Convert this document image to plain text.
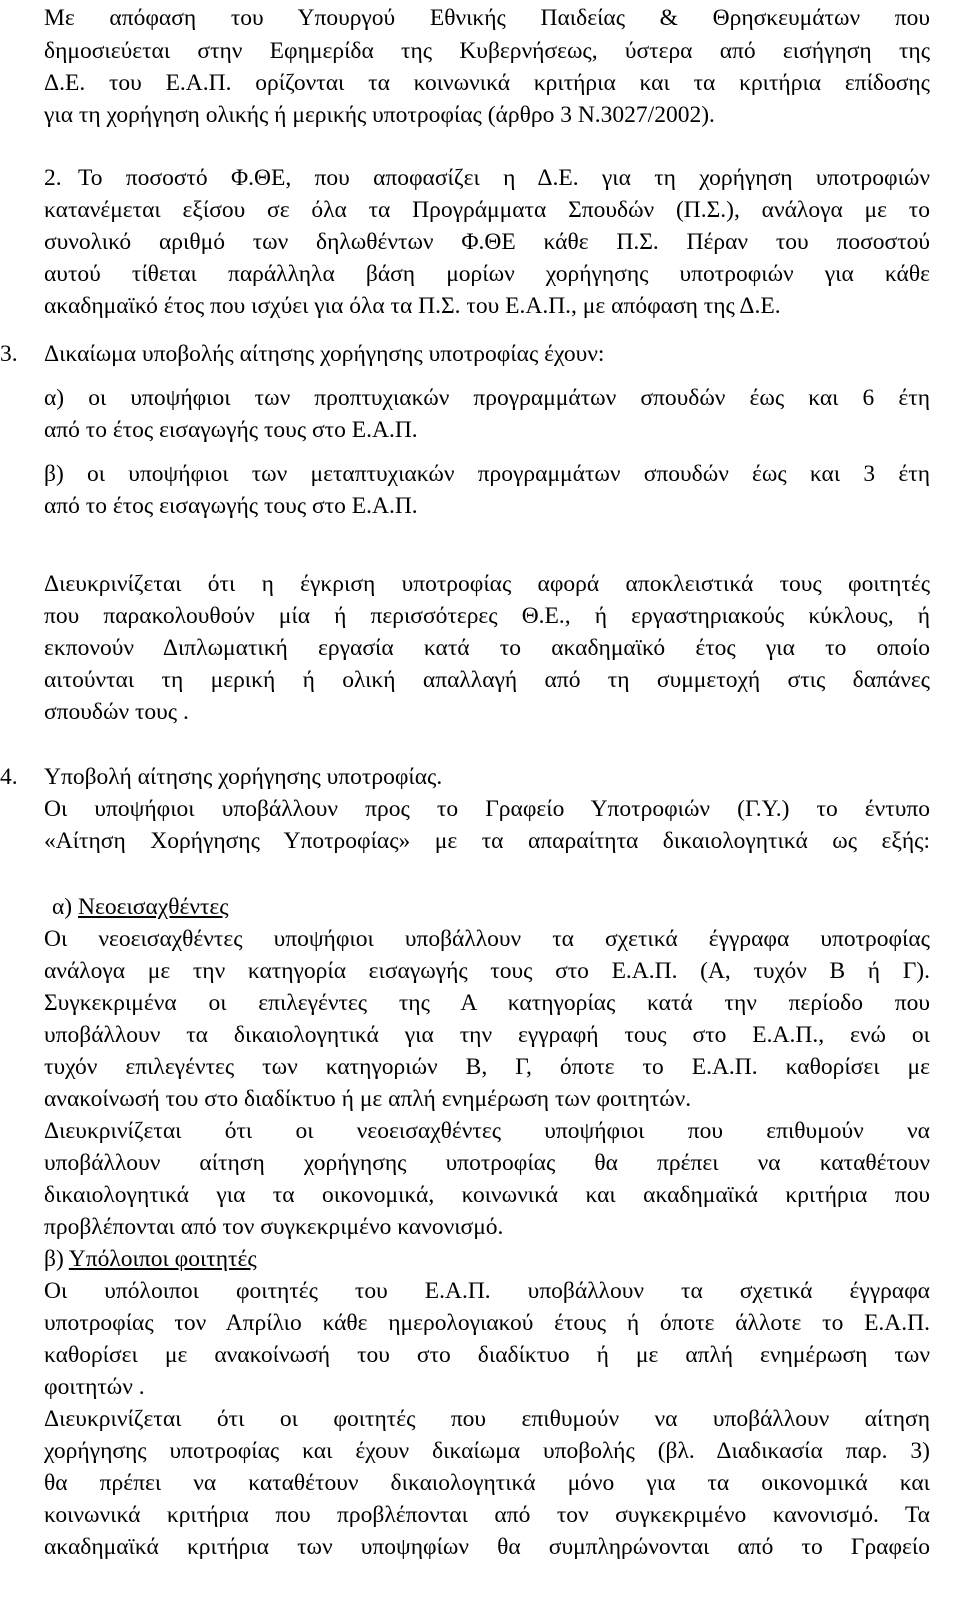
Με απόφαση του Υπουργού Εθνικής Παιδείας & Θρησκευμάτων που
δημοσιεύεται στην Εφημερίδα της Κυβερνήσεως, ύστερα από εισήγηση της
Δ.Ε. του Ε.Α.Π. ορίζονται τα κοινωνικά κριτήρια και τα κριτήρια επίδοσης
για τη χορήγηση ολικής ή μερικής υποτροφίας (άρθρο 3 Ν.3027/2002).
2. Το ποσοστό Φ.ΘΕ, που αποφασίζει η Δ.Ε. για τη χορήγηση υποτροφιών
κατανέμεται εξίσου σε όλα τα Προγράμματα Σπουδών (Π.Σ.), ανάλογα με το
συνολικό αριθμό των δηλωθέντων Φ.ΘΕ κάθε Π.Σ. Πέραν του ποσοστού
αυτού τίθεται παράλληλα βάση μορίων χορήγησης υποτροφιών για κάθε
ακαδημαϊκό έτος που ισχύει για όλα τα Π.Σ. του Ε.Α.Π., με απόφαση της Δ.Ε.
3. Δικαίωμα υποβολής αίτησης χορήγησης υποτροφίας έχουν:
α) οι υποψήφιοι των προπτυχιακών προγραμμάτων σπουδών έως και 6 έτη
από το έτος εισαγωγής τους στο Ε.Α.Π.
β) οι υποψήφιοι των μεταπτυχιακών προγραμμάτων σπουδών έως και 3 έτη
από το έτος εισαγωγής τους στο Ε.Α.Π.
Διευκρινίζεται ότι η έγκριση υποτροφίας αφορά αποκλειστικά τους φοιτητές
που παρακολουθούν μία ή περισσότερες Θ.Ε., ή εργαστηριακούς κύκλους, ή
εκπονούν Διπλωματική εργασία κατά το ακαδημαϊκό έτος για το οποίο
αιτούνται τη μερική ή ολική απαλλαγή από τη συμμετοχή στις δαπάνες
σπουδών τους .
4. Υποβολή αίτησης χορήγησης υποτροφίας.
Οι υποψήφιοι υποβάλλουν προς το Γραφείο Υποτροφιών (Γ.Υ.) το έντυπο
«Αίτηση Χορήγησης Υποτροφίας» με τα απαραίτητα δικαιολογητικά ως εξής:
α) Νεοεισαχθέντες
Οι νεοεισαχθέντες υποψήφιοι υποβάλλουν τα σχετικά έγγραφα υποτροφίας
ανάλογα με την κατηγορία εισαγωγής τους στο Ε.Α.Π. (Α, τυχόν Β ή Γ).
Συγκεκριμένα οι επιλεγέντες της Α κατηγορίας κατά την περίοδο που
υποβάλλουν τα δικαιολογητικά για την εγγραφή τους στο Ε.Α.Π., ενώ οι
τυχόν επιλεγέντες των κατηγοριών Β, Γ, όποτε το Ε.Α.Π. καθορίσει με
ανακοίνωσή του στο διαδίκτυο ή με απλή ενημέρωση των φοιτητών.
Διευκρινίζεται ότι οι νεοεισαχθέντες υποψήφιοι που επιθυμούν να
υποβάλλουν αίτηση χορήγησης υποτροφίας θα πρέπει να καταθέτουν
δικαιολογητικά για τα οικονομικά, κοινωνικά και ακαδημαϊκά κριτήρια που
προβλέπονται από τον συγκεκριμένο κανονισμό.
β) Υπόλοιποι φοιτητές
Οι υπόλοιποι φοιτητές του Ε.Α.Π. υποβάλλουν τα σχετικά έγγραφα
υποτροφίας τον Απρίλιο κάθε ημερολογιακού έτους ή όποτε άλλοτε το Ε.Α.Π.
καθορίσει με ανακοίνωσή του στο διαδίκτυο ή με απλή ενημέρωση των
φοιτητών .
Διευκρινίζεται ότι οι φοιτητές που επιθυμούν να υποβάλλουν αίτηση
χορήγησης υποτροφίας και έχουν δικαίωμα υποβολής (βλ. Διαδικασία παρ. 3)
θα πρέπει να καταθέτουν δικαιολογητικά μόνο για τα οικονομικά και
κοινωνικά κριτήρια που προβλέπονται από τον συγκεκριμένο κανονισμό. Τα
ακαδημαϊκά κριτήρια των υποψηφίων θα συμπληρώνονται από το Γραφείο
